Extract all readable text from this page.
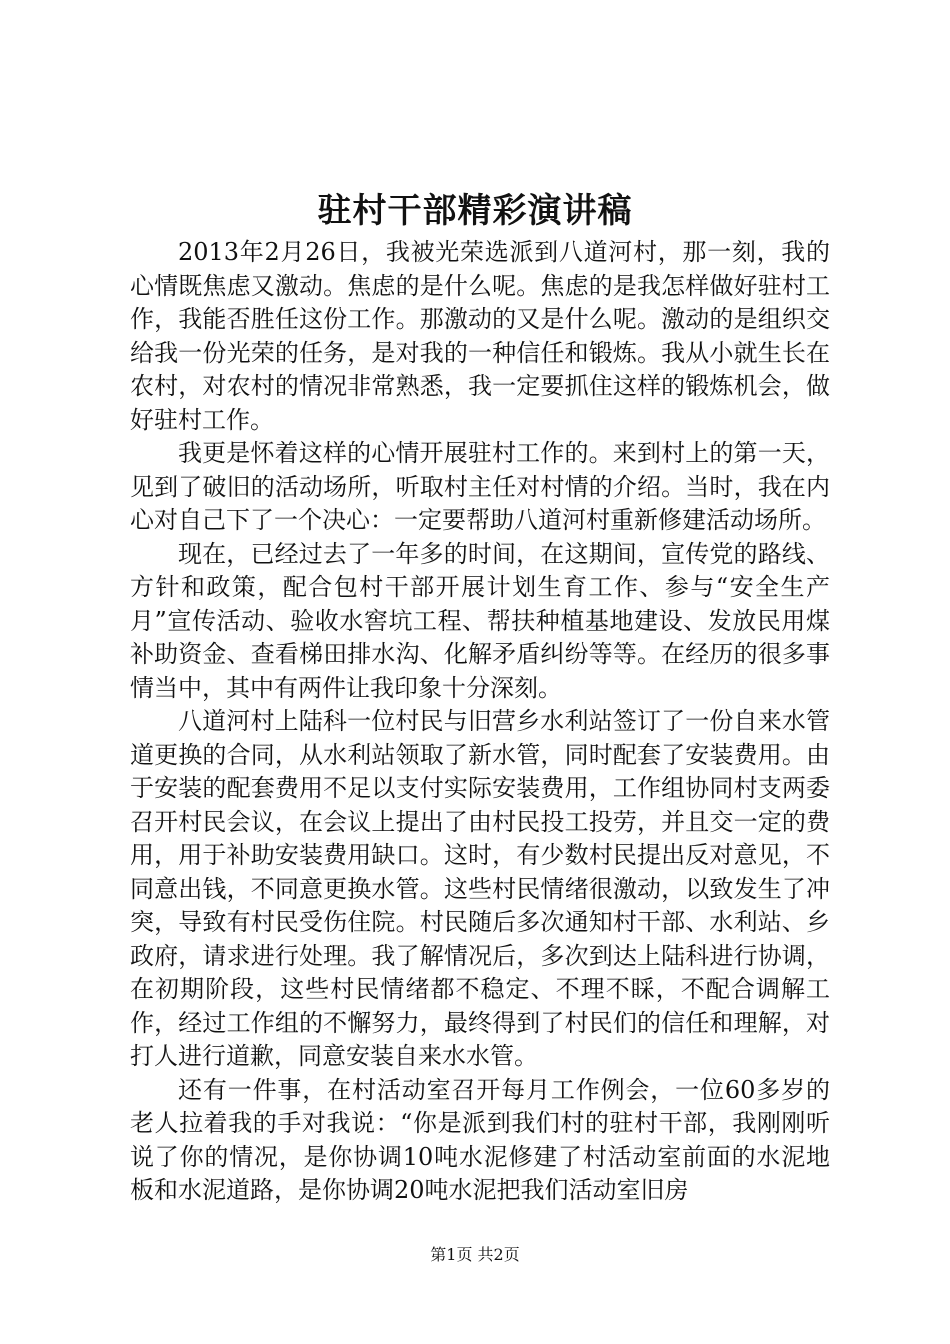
驻村干部精彩演讲稿

2013年2月26日，我被光荣选派到八道河村，那一刻，我的心情既焦虑又激动。焦虑的是什么呢。焦虑的是我怎样做好驻村工作，我能否胜任这份工作。那激动的又是什么呢。激动的是组织交给我一份光荣的任务，是对我的一种信任和锻炼。我从小就生长在农村，对农村的情况非常熟悉，我一定要抓住这样的锻炼机会，做好驻村工作。

我更是怀着这样的心情开展驻村工作的。来到村上的第一天，见到了破旧的活动场所，听取村主任对村情的介绍。当时，我在内心对自己下了一个决心：一定要帮助八道河村重新修建活动场所。

现在，已经过去了一年多的时间，在这期间，宣传党的路线、方针和政策，配合包村干部开展计划生育工作、参与“安全生产月”宣传活动、验收水窖坑工程、帮扶种植基地建设、发放民用煤补助资金、查看梯田排水沟、化解矛盾纠纷等等。在经历的很多事情当中，其中有两件让我印象十分深刻。

八道河村上陆科一位村民与旧营乡水利站签订了一份自来水管道更换的合同，从水利站领取了新水管，同时配套了安装费用。由于安装的配套费用不足以支付实际安装费用，工作组协同村支两委召开村民会议，在会议上提出了由村民投工投劳，并且交一定的费用，用于补助安装费用缺口。这时，有少数村民提出反对意见，不同意出钱，不同意更换水管。这些村民情绪很激动，以致发生了冲突，导致有村民受伤住院。村民随后多次通知村干部、水利站、乡政府，请求进行处理。我了解情况后，多次到达上陆科进行协调，在初期阶段，这些村民情绪都不稳定、不理不睬，不配合调解工作，经过工作组的不懈努力，最终得到了村民们的信任和理解，对打人进行道歉，同意安装自来水水管。

还有一件事，在村活动室召开每月工作例会，一位60多岁的老人拉着我的手对我说：“你是派到我们村的驻村干部，我刚刚听说了你的情况，是你协调10吨水泥修建了村活动室前面的水泥地板和水泥道路，是你协调20吨水泥把我们活动室旧房

第1页 共2页
